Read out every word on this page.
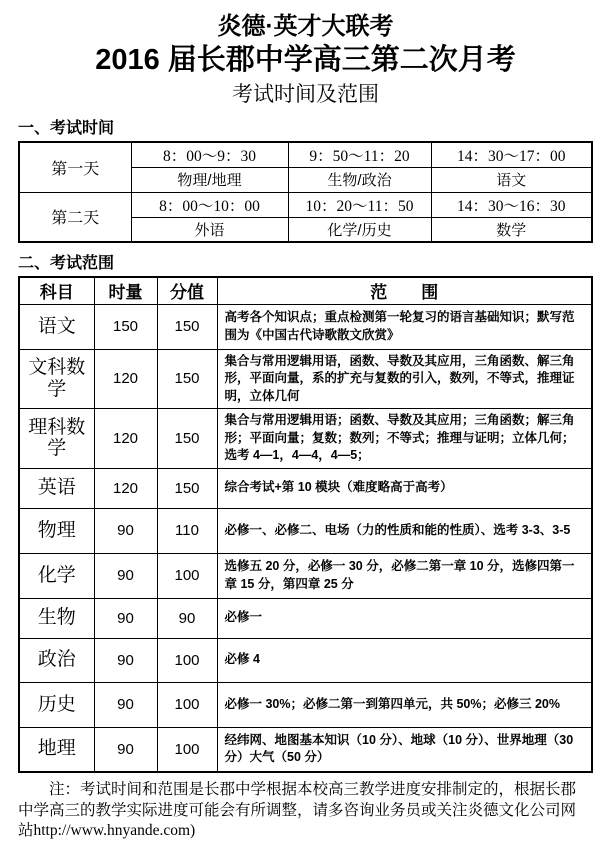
炎德·英才大联考
2016 届长郡中学高三第二次月考
考试时间及范围
一、考试时间
第一天	8：00～9：30	9：50～11：20	14：30～17：00
	物理/地理	生物/政治	语文
第二天	8：00～10：00	10：20～11：50	14：30～16：30
	外语	化学/历史	数学
二、考试范围
科目	时量	分值	范　　围
语文	150	150	高考各个知识点；重点检测第一轮复习的语言基础知识；默写范围为《中国古代诗歌散文欣赏》
文科数学	120	150	集合与常用逻辑用语，函数、导数及其应用，三角函数、解三角形，平面向量，系的扩充与复数的引入，数列，不等式，推理证明，立体几何
理科数学	120	150	集合与常用逻辑用语；函数、导数及其应用；三角函数；解三角形；平面向量；复数；数列；不等式；推理与证明；立体几何；选考 4—1，4—4，4—5；
英语	120	150	综合考试+第 10 模块（难度略高于高考）
物理	90	110	必修一、必修二、电场（力的性质和能的性质）、选考 3-3、3-5
化学	90	100	选修五 20 分，必修一 30 分，必修二第一章 10 分，选修四第一章 15 分，第四章 25 分
生物	90	90	必修一
政治	90	100	必修 4
历史	90	100	必修一 30%；必修二第一到第四单元，共 50%；必修三 20%
地理	90	100	经纬网、地图基本知识（10 分）、地球（10 分）、世界地理（30 分）大气（50 分）

注：考试时间和范围是长郡中学根据本校高三教学进度安排制定的，根据长郡中学高三的教学实际进度可能会有所调整，请多咨询业务员或关注炎德文化公司网站http://www.hnyande.com)
